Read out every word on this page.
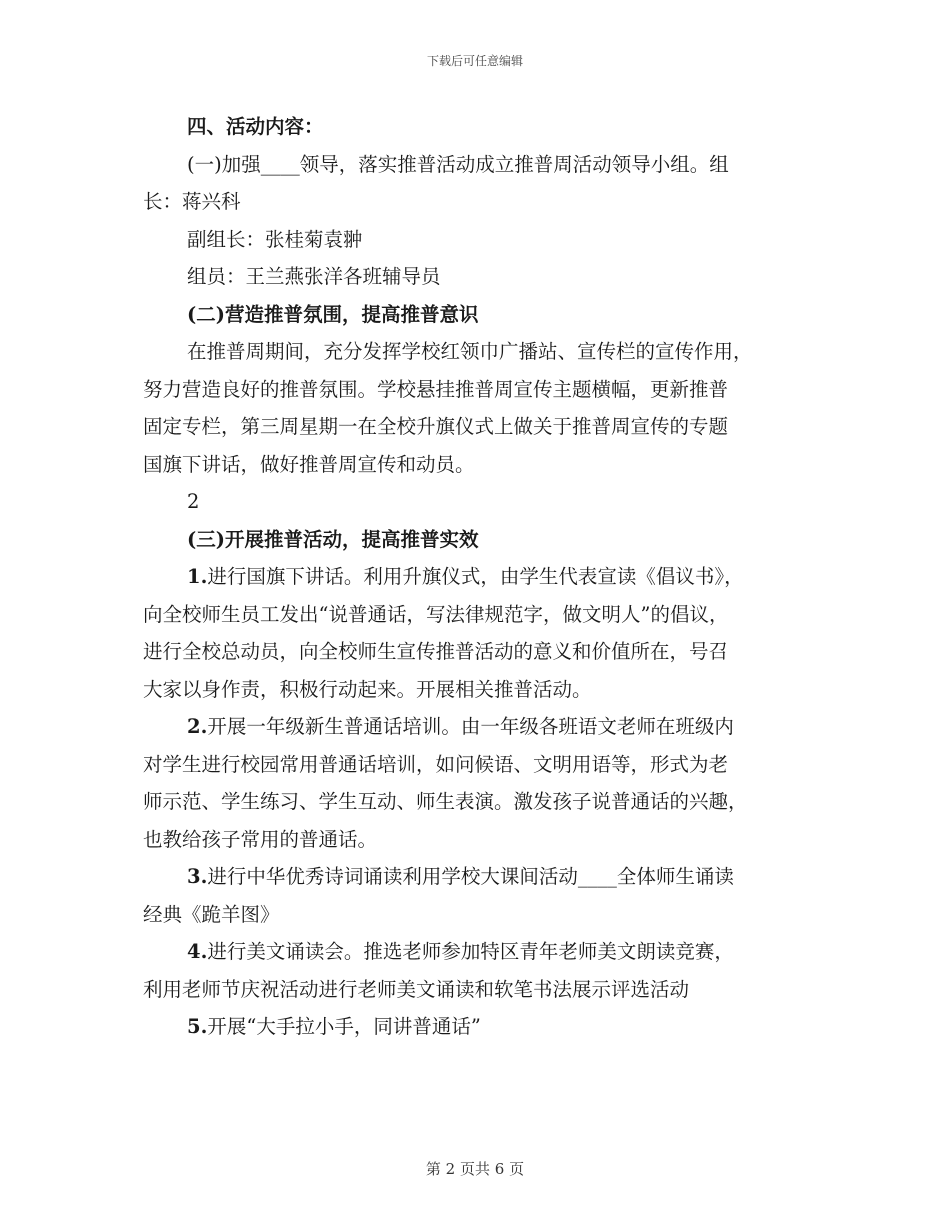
下载后可任意编辑

四、活动内容：

(一)加强____领导，落实推普活动成立推普周活动领导小组。组

长：蒋兴科

副组长：张桂菊袁翀

组员：王兰燕张洋各班辅导员

(二)营造推普氛围，提高推普意识

在推普周期间，充分发挥学校红领巾广播站、宣传栏的宣传作用，

努力营造良好的推普氛围。学校悬挂推普周宣传主题横幅，更新推普

固定专栏，第三周星期一在全校升旗仪式上做关于推普周宣传的专题

国旗下讲话，做好推普周宣传和动员。

2

(三)开展推普活动，提高推普实效

1.进行国旗下讲话。利用升旗仪式，由学生代表宣读《倡议书》，

向全校师生员工发出“说普通话，写法律规范字，做文明人”的倡议，

进行全校总动员，向全校师生宣传推普活动的意义和价值所在，号召

大家以身作责，积极行动起来。开展相关推普活动。

2.开展一年级新生普通话培训。由一年级各班语文老师在班级内

对学生进行校园常用普通话培训，如问候语、文明用语等，形式为老

师示范、学生练习、学生互动、师生表演。激发孩子说普通话的兴趣，

也教给孩子常用的普通话。

3.进行中华优秀诗词诵读利用学校大课间活动____全体师生诵读

经典《跪羊图》

4.进行美文诵读会。推选老师参加特区青年老师美文朗读竞赛，

利用老师节庆祝活动进行老师美文诵读和软笔书法展示评选活动

5.开展“大手拉小手，同讲普通话”

第 2 页共 6 页
